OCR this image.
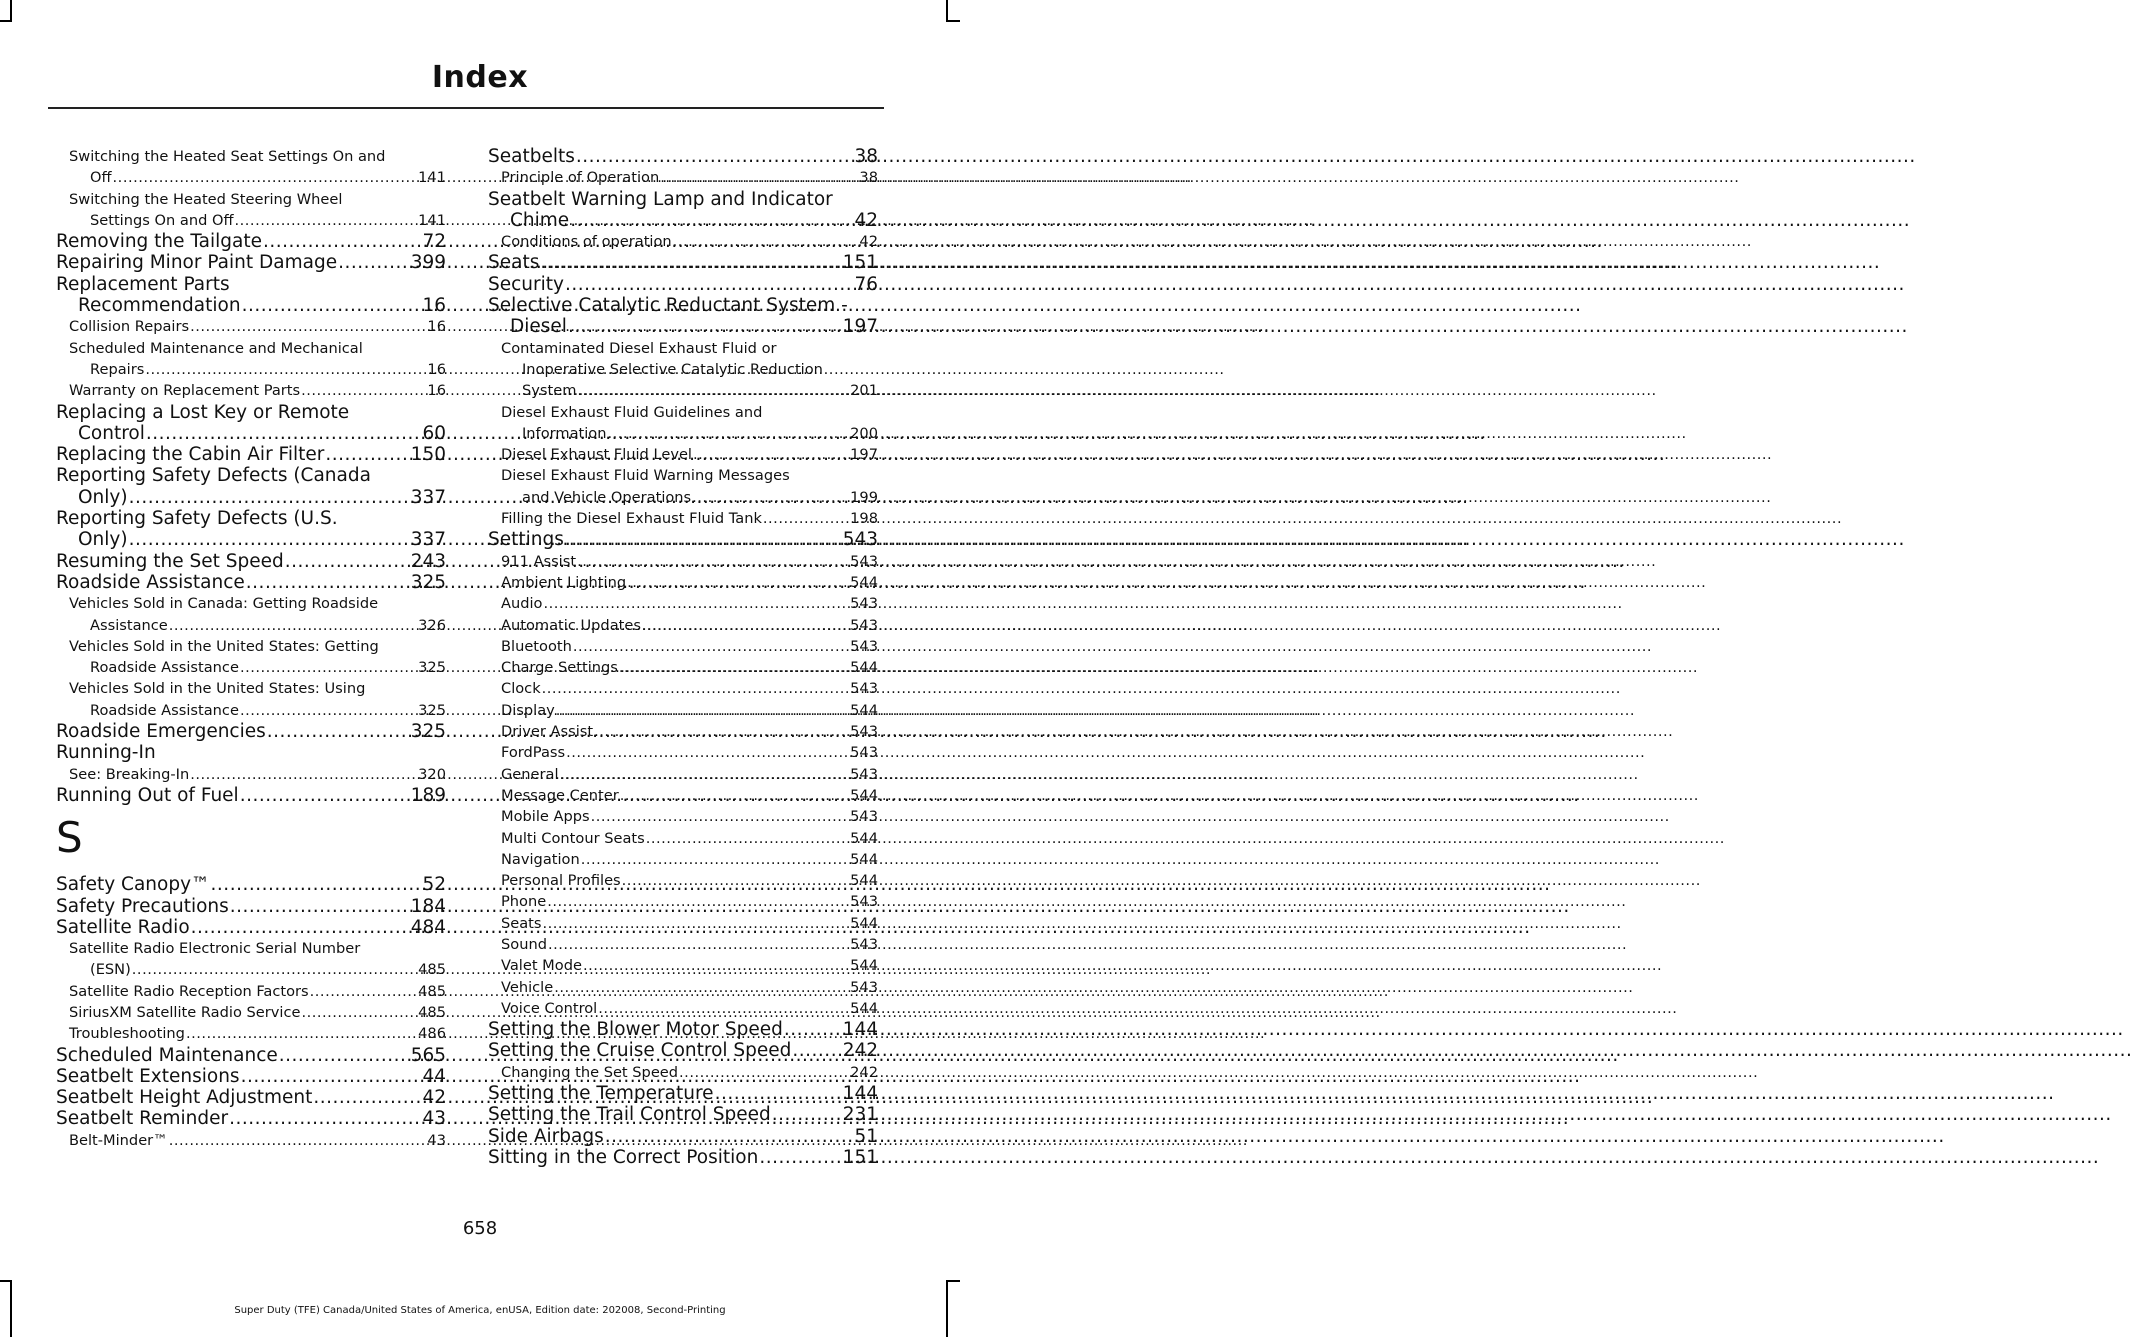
Index
Switching the Heated Seat Settings On and
Off .....	141
Switching the Heated Steering Wheel
Settings On and Off .....	141
Removing the Tailgate .....	72
Repairing Minor Paint Damage .....	399
Replacement Parts
Recommendation .....	16
Collision Repairs .....	16
Scheduled Maintenance and Mechanical
Repairs .....	16
Warranty on Replacement Parts .....	16
Replacing a Lost Key or Remote
Control .....	60
Replacing the Cabin Air Filter .....	150
Reporting Safety Defects (Canada
Only) .....	337
Reporting Safety Defects (U.S.
Only) .....	337
Resuming the Set Speed .....	243
Roadside Assistance .....	325
Vehicles Sold in Canada: Getting Roadside
Assistance .....	326
Vehicles Sold in the United States: Getting
Roadside Assistance .....	325
Vehicles Sold in the United States: Using
Roadside Assistance .....	325
Roadside Emergencies .....	325
Running-In
See: Breaking-In .....	320
Running Out of Fuel .....	189
S
Safety Canopy™ .....	52
Safety Precautions .....	184
Satellite Radio .....	484
Satellite Radio Electronic Serial Number
(ESN) .....	485
Satellite Radio Reception Factors .....	485
SiriusXM Satellite Radio Service .....	485
Troubleshooting .....	486
Scheduled Maintenance .....	565
Seatbelt Extensions .....	44
Seatbelt Height Adjustment .....	42
Seatbelt Reminder .....	43
Belt-Minder™ .....	43
Seatbelts .....	38
Principle of Operation .....	38
Seatbelt Warning Lamp and Indicator
Chime .....	42
Conditions of operation .....	42
Seats .....	151
Security .....	76
Selective Catalytic Reductant System -
Diesel .....	197
Contaminated Diesel Exhaust Fluid or
Inoperative Selective Catalytic Reduction
System .....	201
Diesel Exhaust Fluid Guidelines and
Information .....	200
Diesel Exhaust Fluid Level .....	197
Diesel Exhaust Fluid Warning Messages
and Vehicle Operations .....	199
Filling the Diesel Exhaust Fluid Tank .....	198
Settings .....	543
911 Assist .....	543
Ambient Lighting .....	544
Audio .....	543
Automatic Updates .....	543
Bluetooth .....	543
Charge Settings .....	544
Clock .....	543
Display .....	544
Driver Assist .....	543
FordPass .....	543
General .....	543
Message Center .....	544
Mobile Apps .....	543
Multi Contour Seats .....	544
Navigation .....	544
Personal Profiles .....	544
Phone .....	543
Seats .....	544
Sound .....	543
Valet Mode .....	544
Vehicle .....	543
Voice Control .....	544
Setting the Blower Motor Speed .....	144
Setting the Cruise Control Speed .....	242
Changing the Set Speed .....	242
Setting the Temperature .....	144
Setting the Trail Control Speed .....	231
Side Airbags .....	51
Sitting in the Correct Position .....	151
658
Super Duty (TFE) Canada/United States of America, enUSA, Edition date: 202008, Second-Printing
